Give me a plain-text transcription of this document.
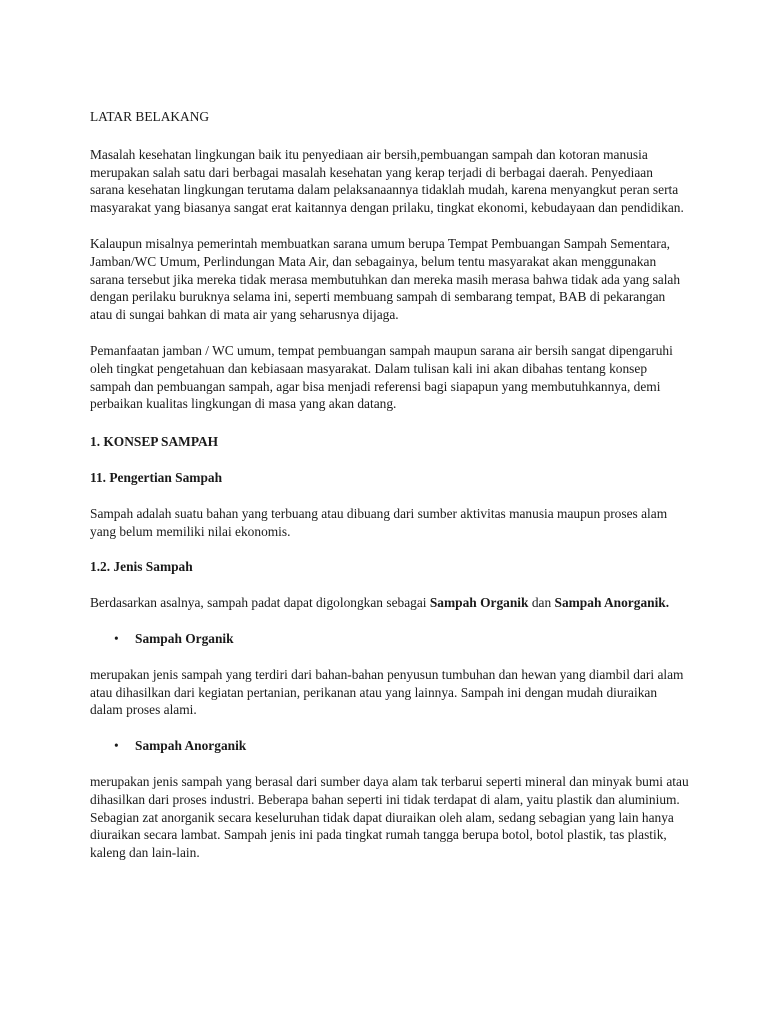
LATAR BELAKANG

Masalah kesehatan lingkungan baik itu penyediaan air bersih,pembuangan sampah dan kotoran manusia merupakan salah satu dari berbagai masalah kesehatan yang kerap terjadi di berbagai daerah. Penyediaan sarana kesehatan lingkungan terutama dalam pelaksanaannya tidaklah mudah, karena menyangkut peran serta masyarakat yang biasanya sangat erat kaitannya dengan prilaku, tingkat ekonomi, kebudayaan dan pendidikan.

Kalaupun misalnya pemerintah membuatkan sarana umum berupa Tempat Pembuangan Sampah Sementara, Jamban/WC Umum, Perlindungan Mata Air, dan sebagainya, belum tentu masyarakat akan menggunakan sarana tersebut jika mereka tidak merasa membutuhkan dan mereka masih merasa bahwa tidak ada yang salah dengan perilaku buruknya selama ini, seperti membuang sampah di sembarang tempat, BAB di pekarangan atau di sungai bahkan di mata air yang seharusnya dijaga.

Pemanfaatan jamban / WC umum, tempat pembuangan sampah maupun sarana air bersih sangat dipengaruhi oleh tingkat pengetahuan dan kebiasaan masyarakat. Dalam tulisan kali ini akan dibahas tentang konsep sampah dan pembuangan sampah, agar bisa menjadi referensi bagi siapapun yang membutuhkannya, demi perbaikan kualitas lingkungan di masa yang akan datang.

1. KONSEP SAMPAH
11. Pengertian Sampah

Sampah adalah suatu bahan yang terbuang atau dibuang dari sumber aktivitas manusia maupun proses alam yang belum memiliki nilai ekonomis.

1.2. Jenis Sampah

Berdasarkan asalnya, sampah padat dapat digolongkan sebagai Sampah Organik dan Sampah Anorganik.

• Sampah Organik

merupakan jenis sampah yang terdiri dari bahan-bahan penyusun tumbuhan dan hewan yang diambil dari alam atau dihasilkan dari kegiatan pertanian, perikanan atau yang lainnya. Sampah ini dengan mudah diuraikan dalam proses alami.

• Sampah Anorganik

merupakan jenis sampah yang berasal dari sumber daya alam tak terbarui seperti mineral dan minyak bumi atau dihasilkan dari proses industri. Beberapa bahan seperti ini tidak terdapat di alam, yaitu plastik dan aluminium. Sebagian zat anorganik secara keseluruhan tidak dapat diuraikan oleh alam, sedang sebagian yang lain hanya diuraikan secara lambat. Sampah jenis ini pada tingkat rumah tangga berupa botol, botol plastik, tas plastik, kaleng dan lain-lain.
